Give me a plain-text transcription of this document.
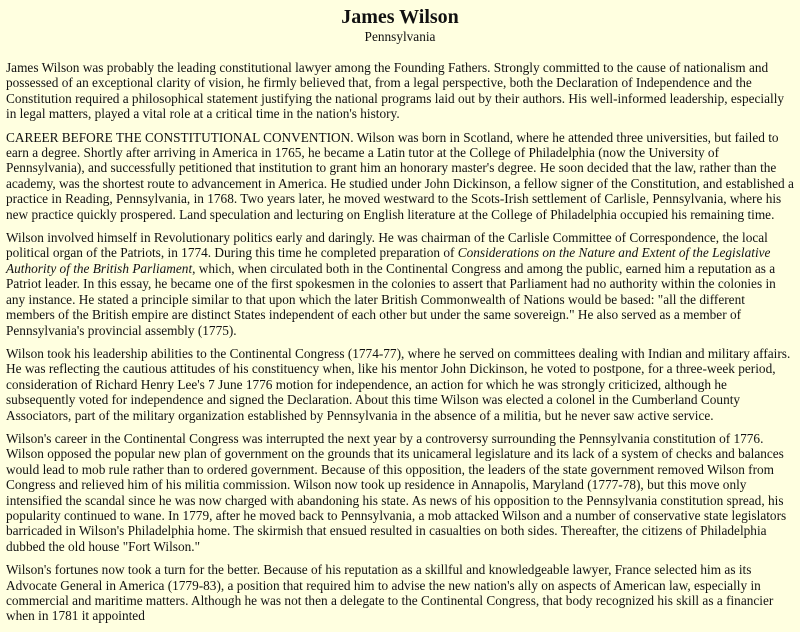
James Wilson
Pennsylvania

James Wilson was probably the leading constitutional lawyer among the Founding Fathers. Strongly committed to the cause of nationalism and possessed of an exceptional clarity of vision, he firmly believed that, from a legal perspective, both the Declaration of Independence and the Constitution required a philosophical statement justifying the national programs laid out by their authors. His well-informed leadership, especially in legal matters, played a vital role at a critical time in the nation's history.

CAREER BEFORE THE CONSTITUTIONAL CONVENTION. Wilson was born in Scotland, where he attended three universities, but failed to earn a degree. Shortly after arriving in America in 1765, he became a Latin tutor at the College of Philadelphia (now the University of Pennsylvania), and successfully petitioned that institution to grant him an honorary master's degree. He soon decided that the law, rather than the academy, was the shortest route to advancement in America. He studied under John Dickinson, a fellow signer of the Constitution, and established a practice in Reading, Pennsylvania, in 1768. Two years later, he moved westward to the Scots-Irish settlement of Carlisle, Pennsylvania, where his new practice quickly prospered. Land speculation and lecturing on English literature at the College of Philadelphia occupied his remaining time.

Wilson involved himself in Revolutionary politics early and daringly. He was chairman of the Carlisle Committee of Correspondence, the local political organ of the Patriots, in 1774. During this time he completed preparation of Considerations on the Nature and Extent of the Legislative Authority of the British Parliament, which, when circulated both in the Continental Congress and among the public, earned him a reputation as a Patriot leader. In this essay, he became one of the first spokesmen in the colonies to assert that Parliament had no authority within the colonies in any instance. He stated a principle similar to that upon which the later British Commonwealth of Nations would be based: "all the different members of the British empire are distinct States independent of each other but under the same sovereign." He also served as a member of Pennsylvania's provincial assembly (1775).

Wilson took his leadership abilities to the Continental Congress (1774-77), where he served on committees dealing with Indian and military affairs. He was reflecting the cautious attitudes of his constituency when, like his mentor John Dickinson, he voted to postpone, for a three-week period, consideration of Richard Henry Lee's 7 June 1776 motion for independence, an action for which he was strongly criticized, although he subsequently voted for independence and signed the Declaration. About this time Wilson was elected a colonel in the Cumberland County Associators, part of the military organization established by Pennsylvania in the absence of a militia, but he never saw active service.

Wilson's career in the Continental Congress was interrupted the next year by a controversy surrounding the Pennsylvania constitution of 1776. Wilson opposed the popular new plan of government on the grounds that its unicameral legislature and its lack of a system of checks and balances would lead to mob rule rather than to ordered government. Because of this opposition, the leaders of the state government removed Wilson from Congress and relieved him of his militia commission. Wilson now took up residence in Annapolis, Maryland (1777-78), but this move only intensified the scandal since he was now charged with abandoning his state. As news of his opposition to the Pennsylvania constitution spread, his popularity continued to wane. In 1779, after he moved back to Pennsylvania, a mob attacked Wilson and a number of conservative state legislators barricaded in Wilson's Philadelphia home. The skirmish that ensued resulted in casualties on both sides. Thereafter, the citizens of Philadelphia dubbed the old house "Fort Wilson."

Wilson's fortunes now took a turn for the better. Because of his reputation as a skillful and knowledgeable lawyer, France selected him as its Advocate General in America (1779-83), a position that required him to advise the new nation's ally on aspects of American law, especially in commercial and maritime matters. Although he was not then a delegate to the Continental Congress, that body recognized his skill as a financier when in 1781 it appointed
